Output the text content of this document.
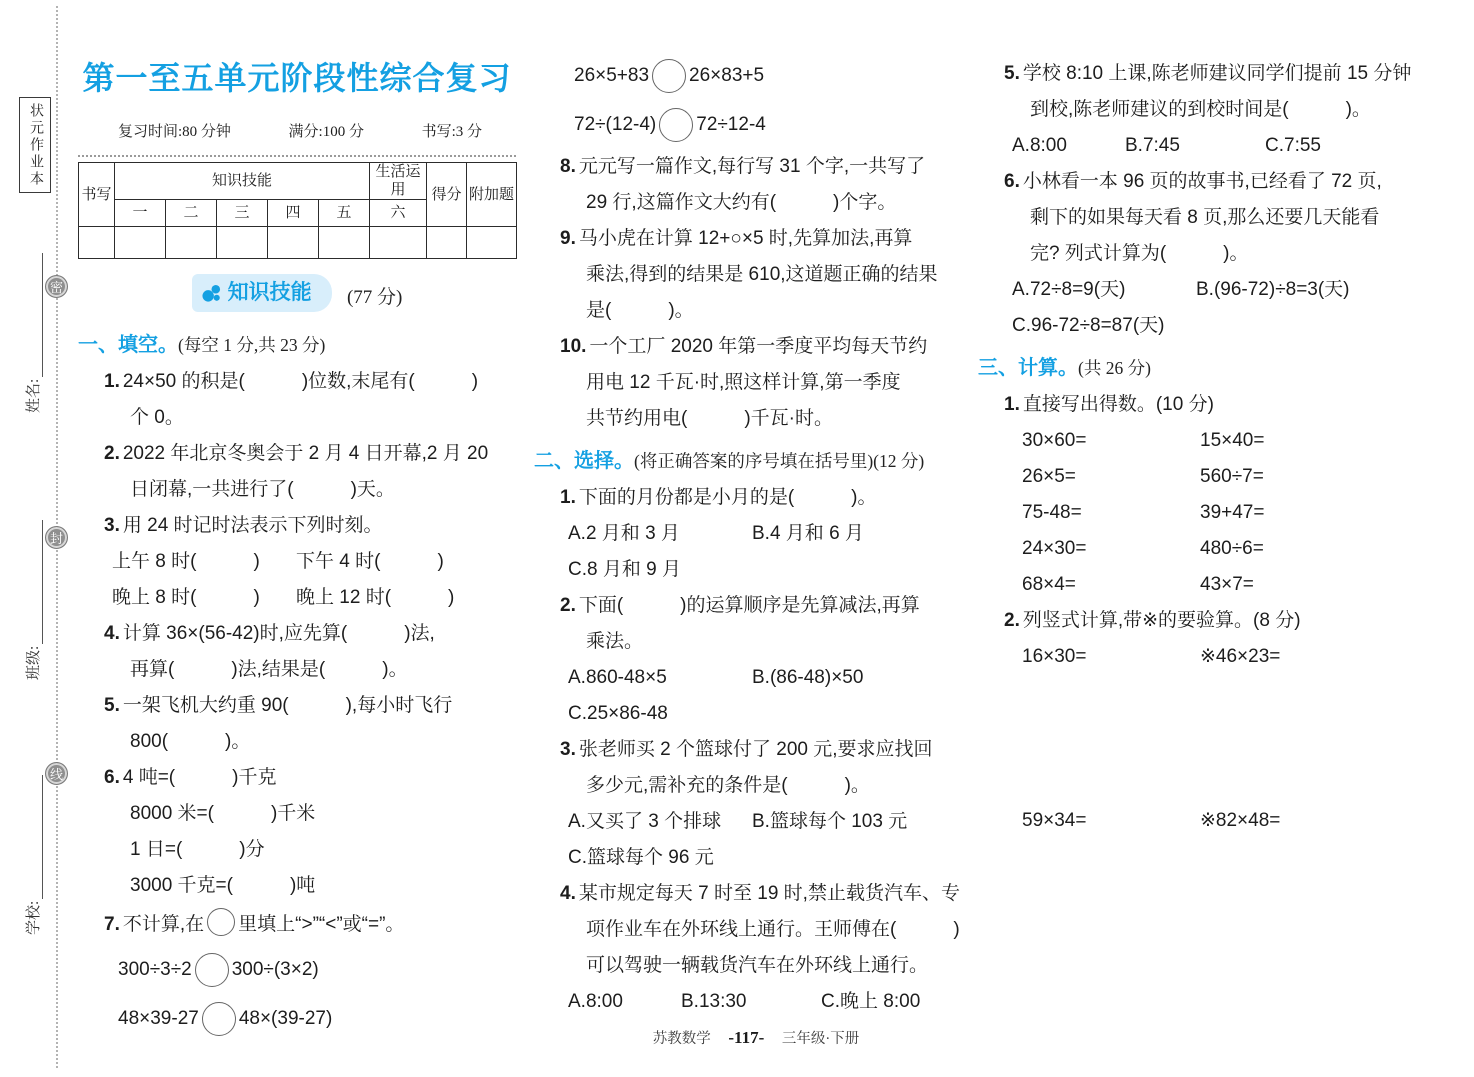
状元作业本
姓名:
班级:
学校:
密
封
线
第一至五单元阶段性综合复习
复习时间:80 分钟	满分:100 分	书写:3 分
书写	知识技能					生活运用	得分	附加题
	一	二	三	四	五	六		

知识技能 (77 分)
一、填空。(每空 1 分,共 23 分)
1. 24×50 的积是(　　　)位数,末尾有(　　　)
个 0。
2. 2022 年北京冬奥会于 2 月 4 日开幕,2 月 20
日闭幕,一共进行了(　　　)天。
3. 用 24 时记时法表示下列时刻。
上午 8 时(　　　)	下午 4 时(　　　)
晚上 8 时(　　　)	晚上 12 时(　　　)
4. 计算 36×(56-42)时,应先算(　　　)法,
再算(　　　)法,结果是(　　　)。
5. 一架飞机大约重 90(　　　),每小时飞行
800(　　　)。
6. 4 吨=(　　　)千克
8000 米=(　　　)千米
1 日=(　　　)分
3000 千克=(　　　)吨
7. 不计算,在 里填上“>”“<”或“=”。
300÷3÷2 300÷(3×2)
48×39-27 48×(39-27)
26×5+83 26×83+5
72÷(12-4) 72÷12-4
8. 元元写一篇作文,每行写 31 个字,一共写了
29 行,这篇作文大约有(　　　)个字。
9. 马小虎在计算 12+○×5 时,先算加法,再算
乘法,得到的结果是 610,这道题正确的结果
是(　　　)。
10. 一个工厂 2020 年第一季度平均每天节约
用电 12 千瓦·时,照这样计算,第一季度
共节约用电(　　　)千瓦·时。
二、选择。(将正确答案的序号填在括号里)(12 分)
1. 下面的月份都是小月的是(　　　)。
A.2 月和 3 月	B.4 月和 6 月
C.8 月和 9 月
2. 下面(　　　)的运算顺序是先算减法,再算
乘法。
A.860-48×5	B.(86-48)×50
C.25×86-48
3. 张老师买 2 个篮球付了 200 元,要求应找回
多少元,需补充的条件是(　　　)。
A.又买了 3 个排球	B.篮球每个 103 元
C.篮球每个 96 元
4. 某市规定每天 7 时至 19 时,禁止载货汽车、专
项作业车在外环线上通行。王师傅在(　　　)
可以驾驶一辆载货汽车在外环线上通行。
A.8:00	B.13:30	C.晚上 8:00
5. 学校 8:10 上课,陈老师建议同学们提前 15 分钟
到校,陈老师建议的到校时间是(　　　)。
A.8:00	B.7:45	C.7:55
6. 小林看一本 96 页的故事书,已经看了 72 页,
剩下的如果每天看 8 页,那么还要几天能看
完? 列式计算为(　　　)。
A.72÷8=9(天)	B.(96-72)÷8=3(天)
C.96-72÷8=87(天)
三、计算。(共 26 分)
1. 直接写出得数。(10 分)
30×60=	15×40=
26×5=	560÷7=
75-48=	39+47=
24×30=	480÷6=
68×4=	43×7=
2. 列竖式计算,带※的要验算。(8 分)
16×30=	※46×23=
59×34=	※82×48=
苏教数学 -117- 三年级·下册
